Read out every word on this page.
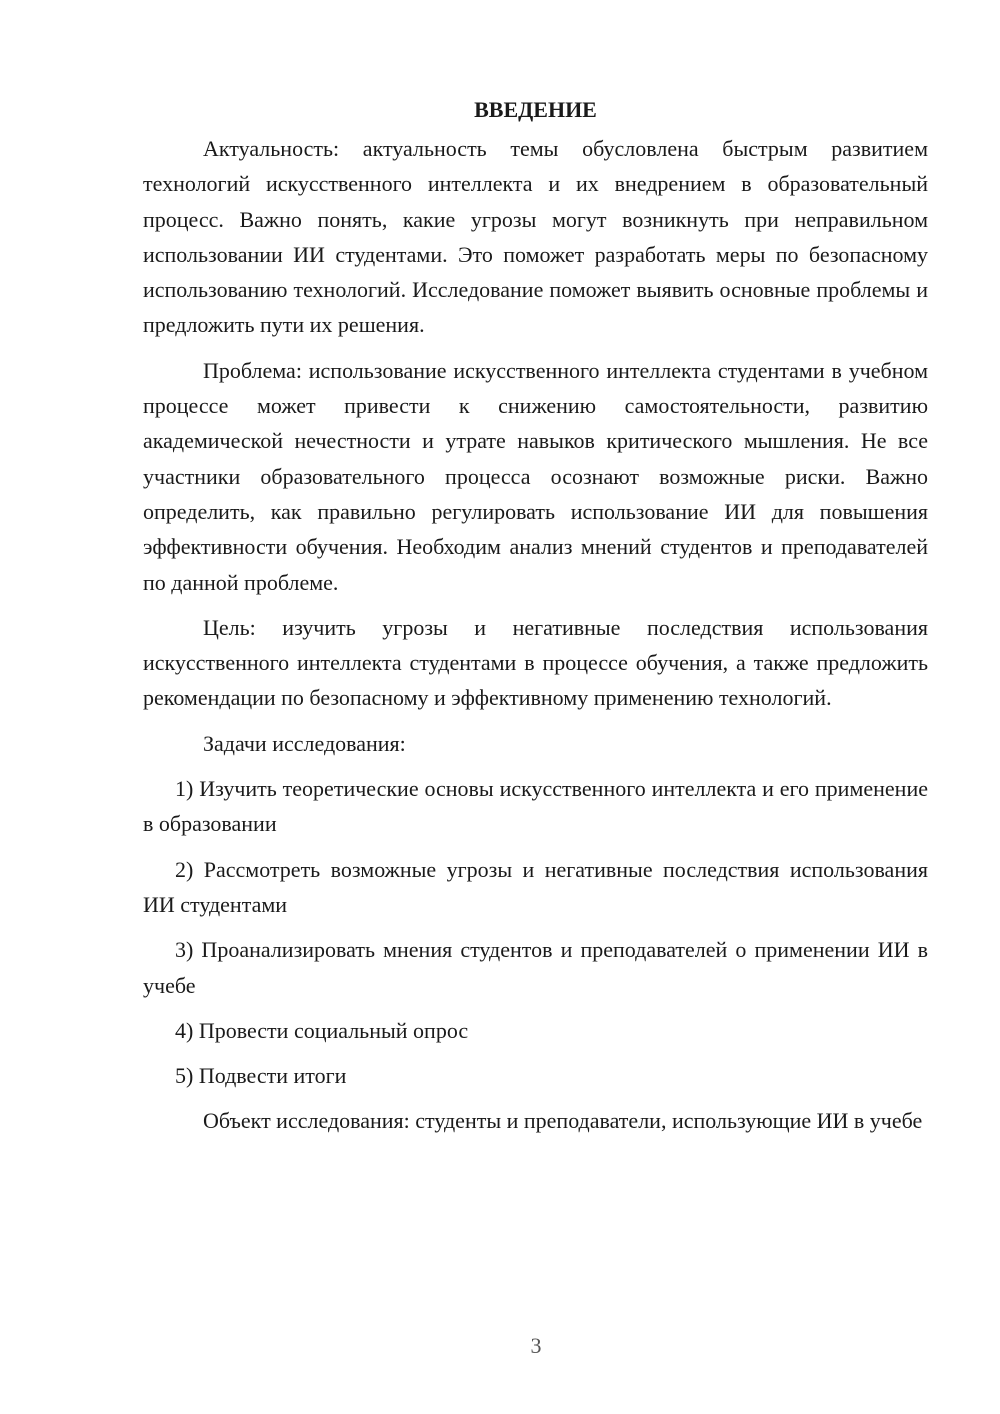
ВВЕДЕНИЕ

Актуальность: актуальность темы обусловлена быстрым развитием технологий искусственного интеллекта и их внедрением в образовательный процесс. Важно понять, какие угрозы могут возникнуть при неправильном использовании ИИ студентами. Это поможет разработать меры по безопасному использованию технологий. Исследование поможет выявить основные проблемы и предложить пути их решения.

Проблема: использование искусственного интеллекта студентами в учебном процессе может привести к снижению самостоятельности, развитию академической нечестности и утрате навыков критического мышления. Не все участники образовательного процесса осознают возможные риски. Важно определить, как правильно регулировать использование ИИ для повышения эффективности обучения. Необходим анализ мнений студентов и преподавателей по данной проблеме.

Цель: изучить угрозы и негативные последствия использования искусственного интеллекта студентами в процессе обучения, а также предложить рекомендации по безопасному и эффективному применению технологий.

Задачи исследования:

1) Изучить теоретические основы искусственного интеллекта и его применение в образовании

2) Рассмотреть возможные угрозы и негативные последствия использования ИИ студентами

3) Проанализировать мнения студентов и преподавателей о применении ИИ в учебе

4) Провести социальный опрос

5) Подвести итоги

Объект исследования: студенты и преподаватели, использующие ИИ в учебе

3
